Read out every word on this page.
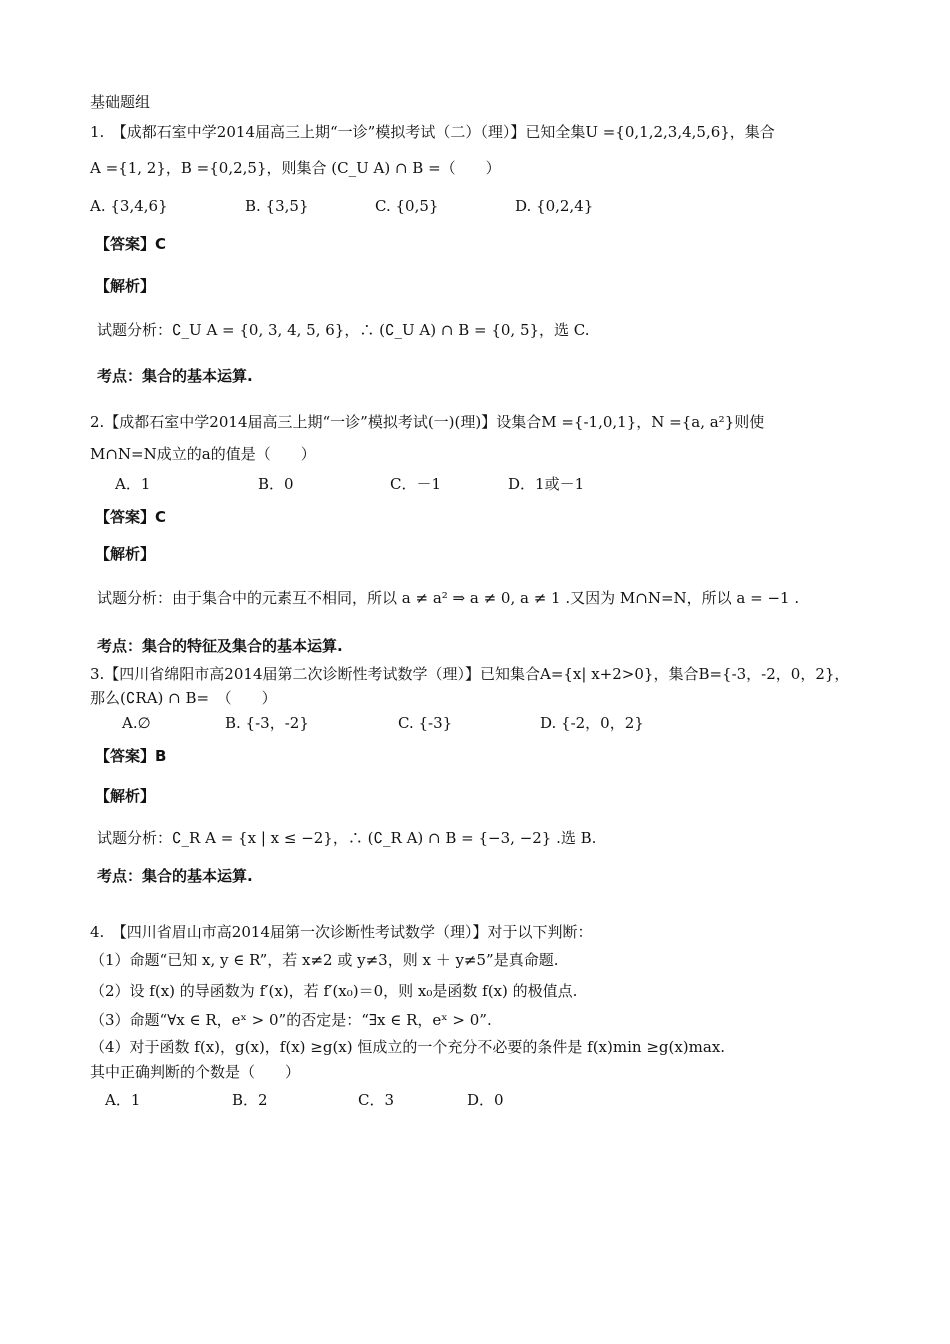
基础题组
1.　【成都石室中学2014届高三上期“一诊”模拟考试（二）（理）】已知全集U ={0,1,2,3,4,5,6}，集合
A ={1, 2}，B ={0,2,5}，则集合 (C_U A) ∩ B =（　　）
A. {3,4,6}	B. {3,5}	C. {0,5}	D. {0,2,4}
【答案】C
【解析】
试题分析：∁_U A = {0, 3, 4, 5, 6}，∴ (∁_U A) ∩ B = {0, 5}，选 C.
考点：集合的基本运算.
2.【成都石室中学2014届高三上期“一诊”模拟考试(一)(理)】设集合M ={-1,0,1}，N ={a, a²}则使
M∩N=N成立的a的值是（　　）
A．1	B．0	C．－1	D．1或－1
【答案】C
【解析】
试题分析：由于集合中的元素互不相同，所以 a ≠ a² ⇒ a ≠ 0, a ≠ 1 .又因为 M∩N=N，所以 a = −1 .
考点：集合的特征及集合的基本运算.
3.【四川省绵阳市高2014届第二次诊断性考试数学（理）】已知集合A={x| x+2>0}，集合B={-3，-2，0，2}，
那么(∁RA) ∩ B=　（　　）
A.∅	B. {-3，-2}	C. {-3}	D. {-2，0，2}
【答案】B
【解析】
试题分析：∁_R A = {x | x ≤ −2}，∴ (∁_R A) ∩ B = {−3, −2} .选 B.
考点：集合的基本运算.
4.　【四川省眉山市高2014届第一次诊断性考试数学（理）】对于以下判断：
（1）命题“已知 x, y ∈ R”，若 x≠2 或 y≠3，则 x ＋ y≠5”是真命题.
（2）设 f(x) 的导函数为 f′(x)，若 f′(x₀)＝0，则 x₀是函数 f(x) 的极值点.
（3）命题“∀x ∈ R，eˣ > 0”的否定是：“∃x ∈ R，eˣ > 0”.
（4）对于函数 f(x)，g(x)，f(x) ≥g(x) 恒成立的一个充分不必要的条件是 f(x)min ≥g(x)max.
其中正确判断的个数是（　　）
A．1	B．2	C．3	D．0
